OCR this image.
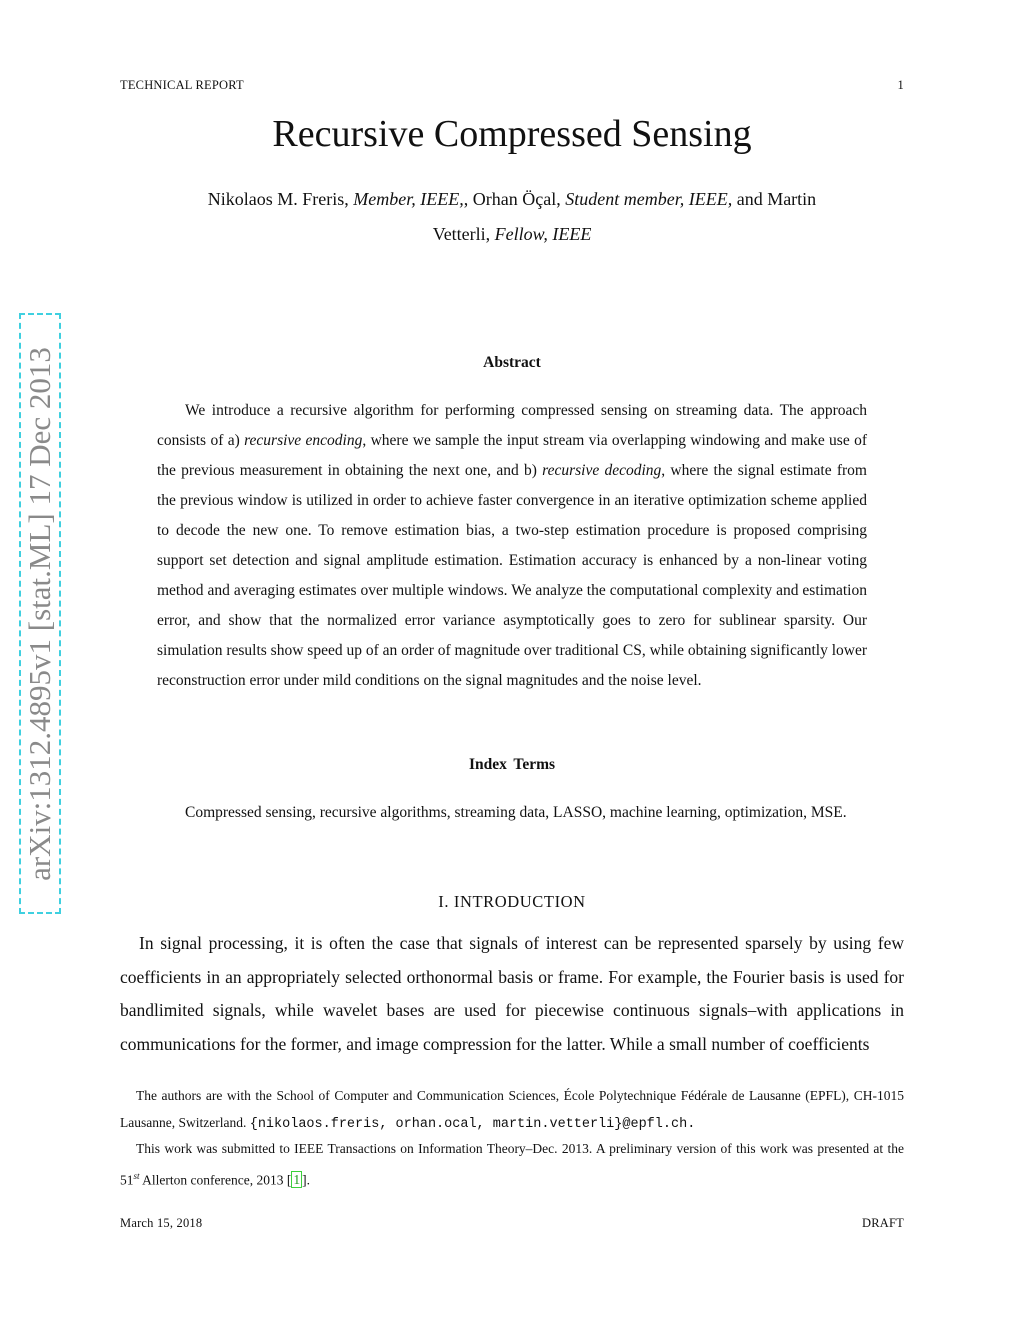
TECHNICAL REPORT	1
arXiv:1312.4895v1 [stat.ML] 17 Dec 2013
Recursive Compressed Sensing
Nikolaos M. Freris, Member, IEEE,, Orhan Öçal, Student member, IEEE, and Martin
Vetterli, Fellow, IEEE
Abstract
We introduce a recursive algorithm for performing compressed sensing on streaming data. The approach consists of a) recursive encoding, where we sample the input stream via overlapping windowing and make use of the previous measurement in obtaining the next one, and b) recursive decoding, where the signal estimate from the previous window is utilized in order to achieve faster convergence in an iterative optimization scheme applied to decode the new one. To remove estimation bias, a two-step estimation procedure is proposed comprising support set detection and signal amplitude estimation. Estimation accuracy is enhanced by a non-linear voting method and averaging estimates over multiple windows. We analyze the computational complexity and estimation error, and show that the normalized error variance asymptotically goes to zero for sublinear sparsity. Our simulation results show speed up of an order of magnitude over traditional CS, while obtaining significantly lower reconstruction error under mild conditions on the signal magnitudes and the noise level.
Index Terms
Compressed sensing, recursive algorithms, streaming data, LASSO, machine learning, optimization, MSE.
I. INTRODUCTION
In signal processing, it is often the case that signals of interest can be represented sparsely by using few coefficients in an appropriately selected orthonormal basis or frame. For example, the Fourier basis is used for bandlimited signals, while wavelet bases are used for piecewise continuous signals–with applications in communications for the former, and image compression for the latter. While a small number of coefficients
The authors are with the School of Computer and Communication Sciences, École Polytechnique Fédérale de Lausanne (EPFL), CH-1015 Lausanne, Switzerland. {nikolaos.freris, orhan.ocal, martin.vetterli}@epfl.ch.
This work was submitted to IEEE Transactions on Information Theory–Dec. 2013. A preliminary version of this work was presented at the 51st Allerton conference, 2013 [ 1 ].
March 15, 2018	DRAFT
